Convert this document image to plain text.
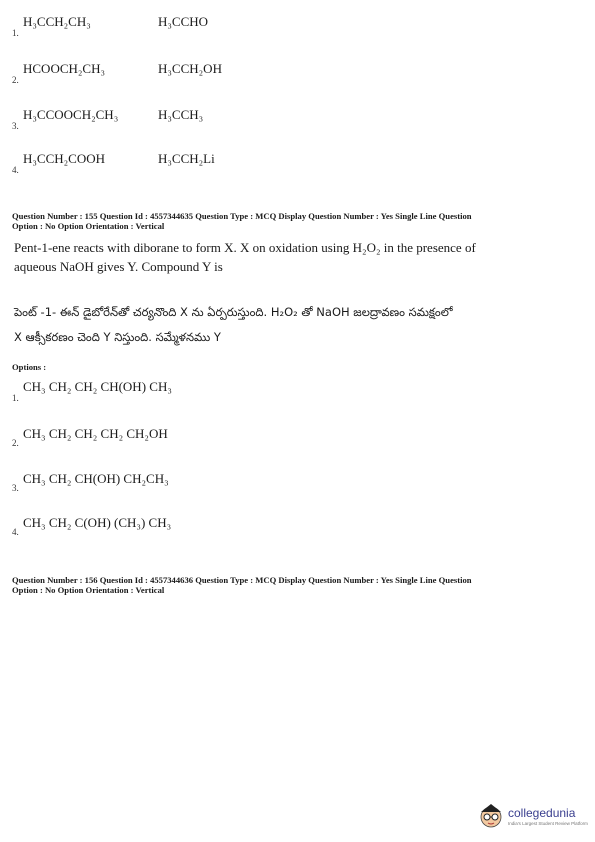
1.
H₃CCH₂CH₃	H₃CCHO
2.
HCOOCH₂CH₃	H₃CCH₂OH
3.
H₃CCOOCH₂CH₃	H₃CCH₃
4.
H₃CCH₂COOH	H₃CCH₂Li
Question Number : 155 Question Id : 4557344635 Question Type : MCQ Display Question Number : Yes Single Line Question
Option : No Option Orientation : Vertical
Pent-1-ene reacts with diborane to form X. X on oxidation using H₂O₂ in the presence of
aqueous NaOH gives Y. Compound Y is
పెంట్ -1- ఈన్ డైబోరేన్‌తో చర్యనొంది X ను ఏర్పరుస్తుంది. H₂O₂ తో NaOH జలద్రావణం సమక్షంలో
X ఆక్సీకరణం చెంది Y నిస్తుంది. సమ్మేళనము Y
Options :
1.
CH₃ CH₂ CH₂ CH(OH) CH₃
2.
CH₃ CH₂ CH₂ CH₂ CH₂OH
3.
CH₃ CH₂ CH(OH) CH₂CH₃
4.
CH₃ CH₂ C(OH) (CH₃) CH₃
Question Number : 156 Question Id : 4557344636 Question Type : MCQ Display Question Number : Yes Single Line Question
Option : No Option Orientation : Vertical
collegedunia
India's Largest Student Review Platform
